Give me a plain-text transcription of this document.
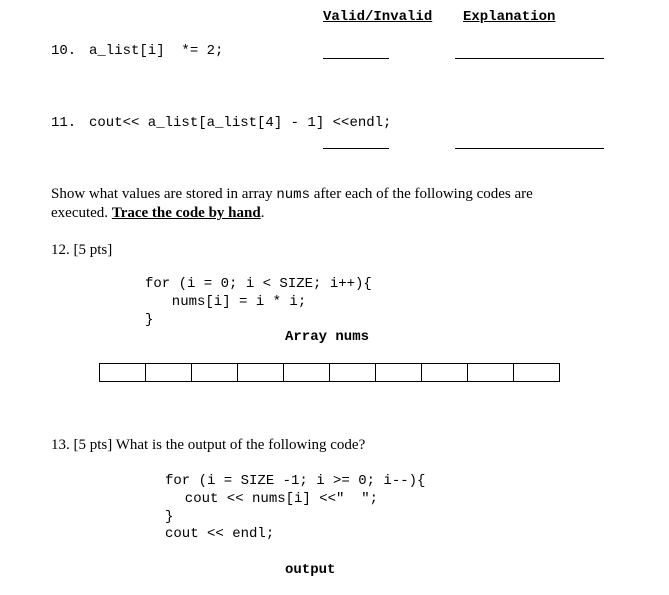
Valid/Invalid Explanation
10. a_list[i]  *= 2;
11. cout<< a_list[a_list[4] - 1] <<endl;
Show what values are stored in array nums after each of the following codes are
executed. Trace the code by hand.
12. [5 pts]
for (i = 0; i < SIZE; i++){
nums[i] = i * i;
}
Array nums

13. [5 pts] What is the output of the following code?
for (i = SIZE -1; i >= 0; i--){
cout << nums[i] <<"  ";
}
cout << endl;
output
